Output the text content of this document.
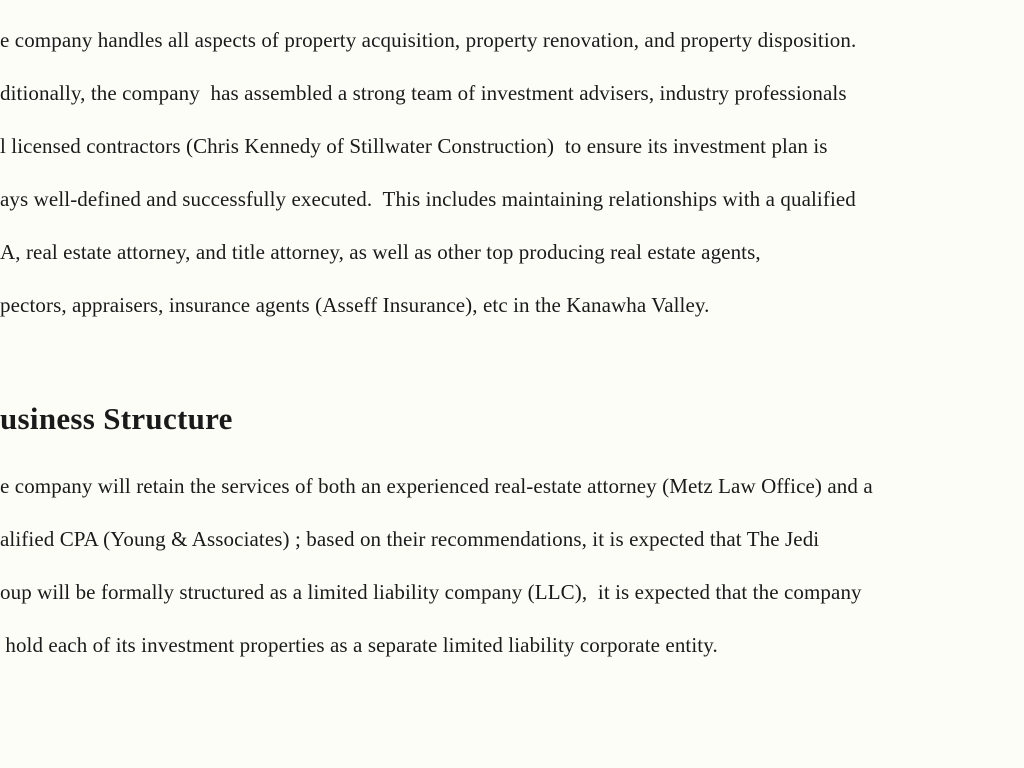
e company handles all aspects of property acquisition, property renovation, and property disposition.
ditionally, the company  has assembled a strong team of investment advisers, industry professionals
l licensed contractors (Chris Kennedy of Stillwater Construction)  to ensure its investment plan is
ays well-defined and successfully executed.  This includes maintaining relationships with a qualified
A, real estate attorney, and title attorney, as well as other top producing real estate agents,
pectors, appraisers, insurance agents (Asseff Insurance), etc in the Kanawha Valley.
usiness Structure
e company will retain the services of both an experienced real-estate attorney (Metz Law Office) and a
alified CPA (Young & Associates) ; based on their recommendations, it is expected that The Jedi
oup will be formally structured as a limited liability company (LLC),  it is expected that the company
hold each of its investment properties as a separate limited liability corporate entity.
